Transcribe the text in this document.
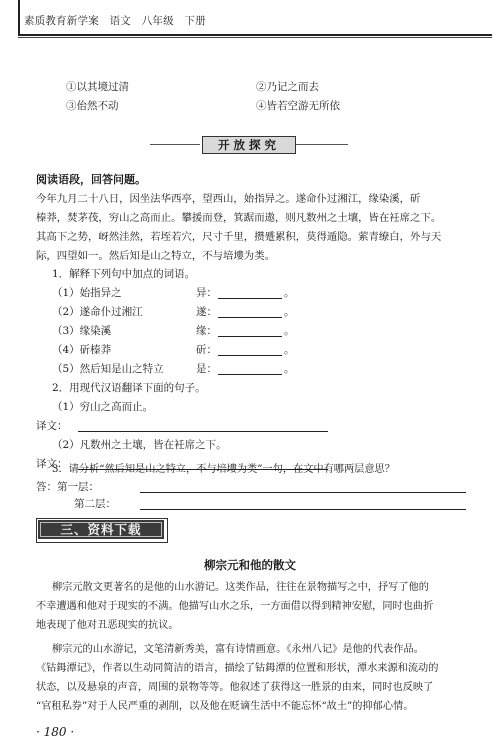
素质教育新学案　语文　八年级　下册
①以其境过清	②乃记之而去
③佁然不动	④皆若空游无所依
开放探究
阅读语段，回答问题。
今年九月二十八日，因坐法华西亭，望西山，始指异之。遂命仆过湘江，缘染溪，斫
榛莽，焚茅茷，穷山之高而止。攀援而登，箕踞而遨，则凡数州之土壤，皆在衽席之下。
其高下之势，岈然洼然，若垤若穴，尺寸千里，攒蹙累积，莫得遁隐。萦青缭白，外与天
际，四望如一。然后知是山之特立，不与培塿为类。
1．解释下列句中加点的词语。
（1）始指异之	异：	。
（2）遂命仆过湘江	遂：	。
（3）缘染溪	缘：	。
（4）斫榛莽	斫：	。
（5）然后知是山之特立	是：	。
2．用现代汉语翻译下面的句子。
（1）穷山之高而止。
译文：
（2）凡数州之土壤，皆在衽席之下。
译文：
3．请分析“然后知是山之特立，不与培塿为类”一句，在文中有哪两层意思？
答：第一层：
第二层：
三、资料下载
柳宗元和他的散文
柳宗元散文更著名的是他的山水游记。这类作品，往往在景物描写之中，抒写了他的
不幸遭遇和他对于现实的不满。他描写山水之乐，一方面借以得到精神安慰，同时也曲折
地表现了他对丑恶现实的抗议。
柳宗元的山水游记，文笔清新秀美，富有诗情画意。《永州八记》是他的代表作品。
《钴鉧潭记》，作者以生动同简洁的语言，描绘了钴鉧潭的位置和形状，潭水来源和流动的
状态，以及悬泉的声音，周围的景物等等。他叙述了获得这一胜景的由来，同时也反映了
“官租私券”对于人民严重的剥削，以及他在贬谪生活中不能忘怀“故土”的抑郁心情。
· 180 ·
